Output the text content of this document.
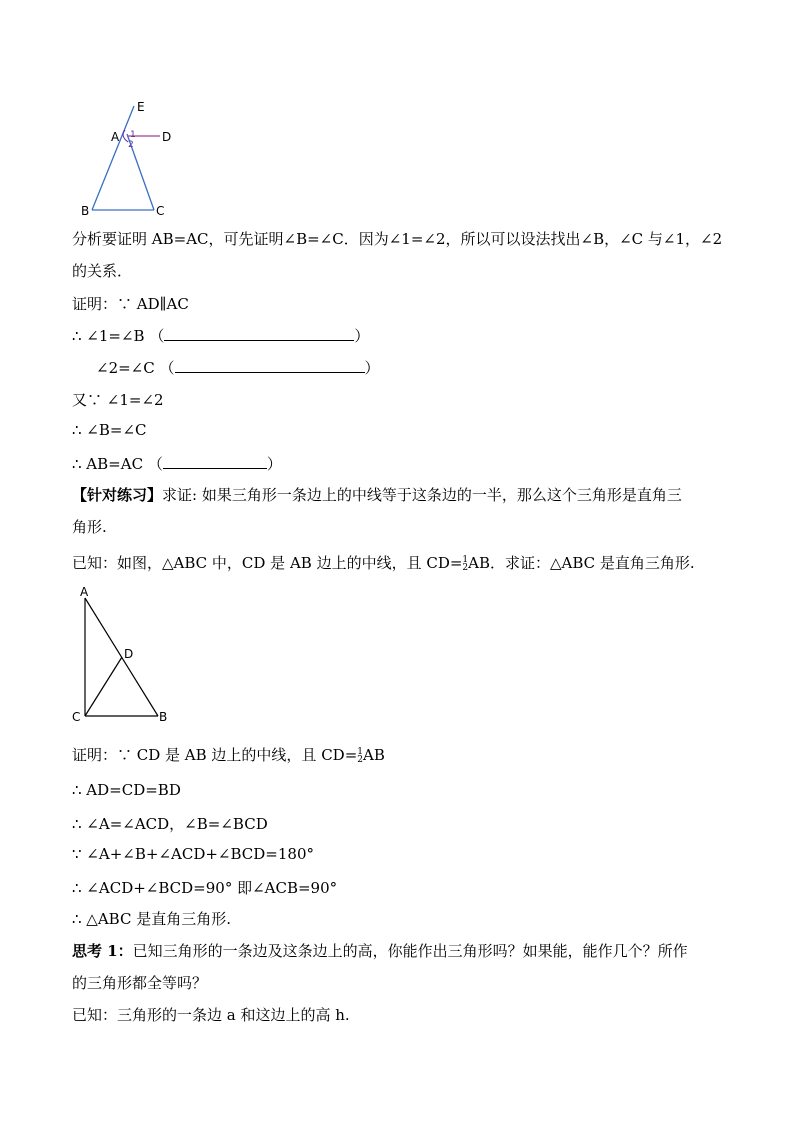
E
A	D
B	C
1
2
分析要证明 AB=AC，可先证明∠B=∠C．因为∠1=∠2，所以可以设法找出∠B，∠C 与∠1，∠2
的关系．
证明：∵ AD∥AC
∴ ∠1=∠B （	）
∠2=∠C （	）
又∵ ∠1=∠2
∴ ∠B=∠C
∴ AB=AC （	）
【针对练习】求证: 如果三角形一条边上的中线等于这条边的一半，那么这个三角形是直角三
角形.
已知：如图，△ABC 中，CD 是 AB 边上的中线，且 CD= 1
2 AB．求证：△ABC 是直角三角形.
A
D
C	B
证明：∵ CD 是 AB 边上的中线，且 CD= 1
2 AB
∴ AD=CD=BD
∴ ∠A=∠ACD，∠B=∠BCD
∵ ∠A+∠B+∠ACD+∠BCD=180°
∴ ∠ACD+∠BCD=90° 即∠ACB=90°
∴ △ABC 是直角三角形.
思考 1：已知三角形的一条边及这条边上的高，你能作出三角形吗？如果能，能作几个？所作
的三角形都全等吗？
已知：三角形的一条边 a 和这边上的高 h.
